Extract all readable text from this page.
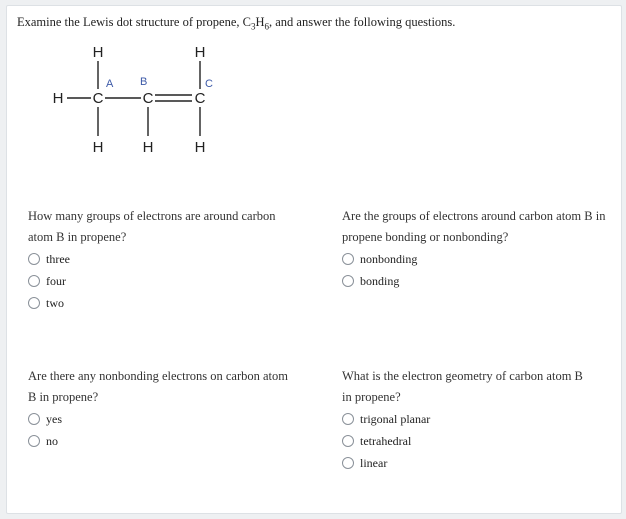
Examine the Lewis dot structure of propene, $C_3H_6$, and answer the following questions.
H	H
H C	C	C
H	H	H
A B	C
How many groups of electrons are around carbon atom B in propene?
three
four
two
Are the groups of electrons around carbon atom B in propene bonding or nonbonding?
nonbonding
bonding
Are there any nonbonding electrons on carbon atom B in propene?
yes
no
What is the electron geometry of carbon atom B in propene?
trigonal planar
tetrahedral
linear
